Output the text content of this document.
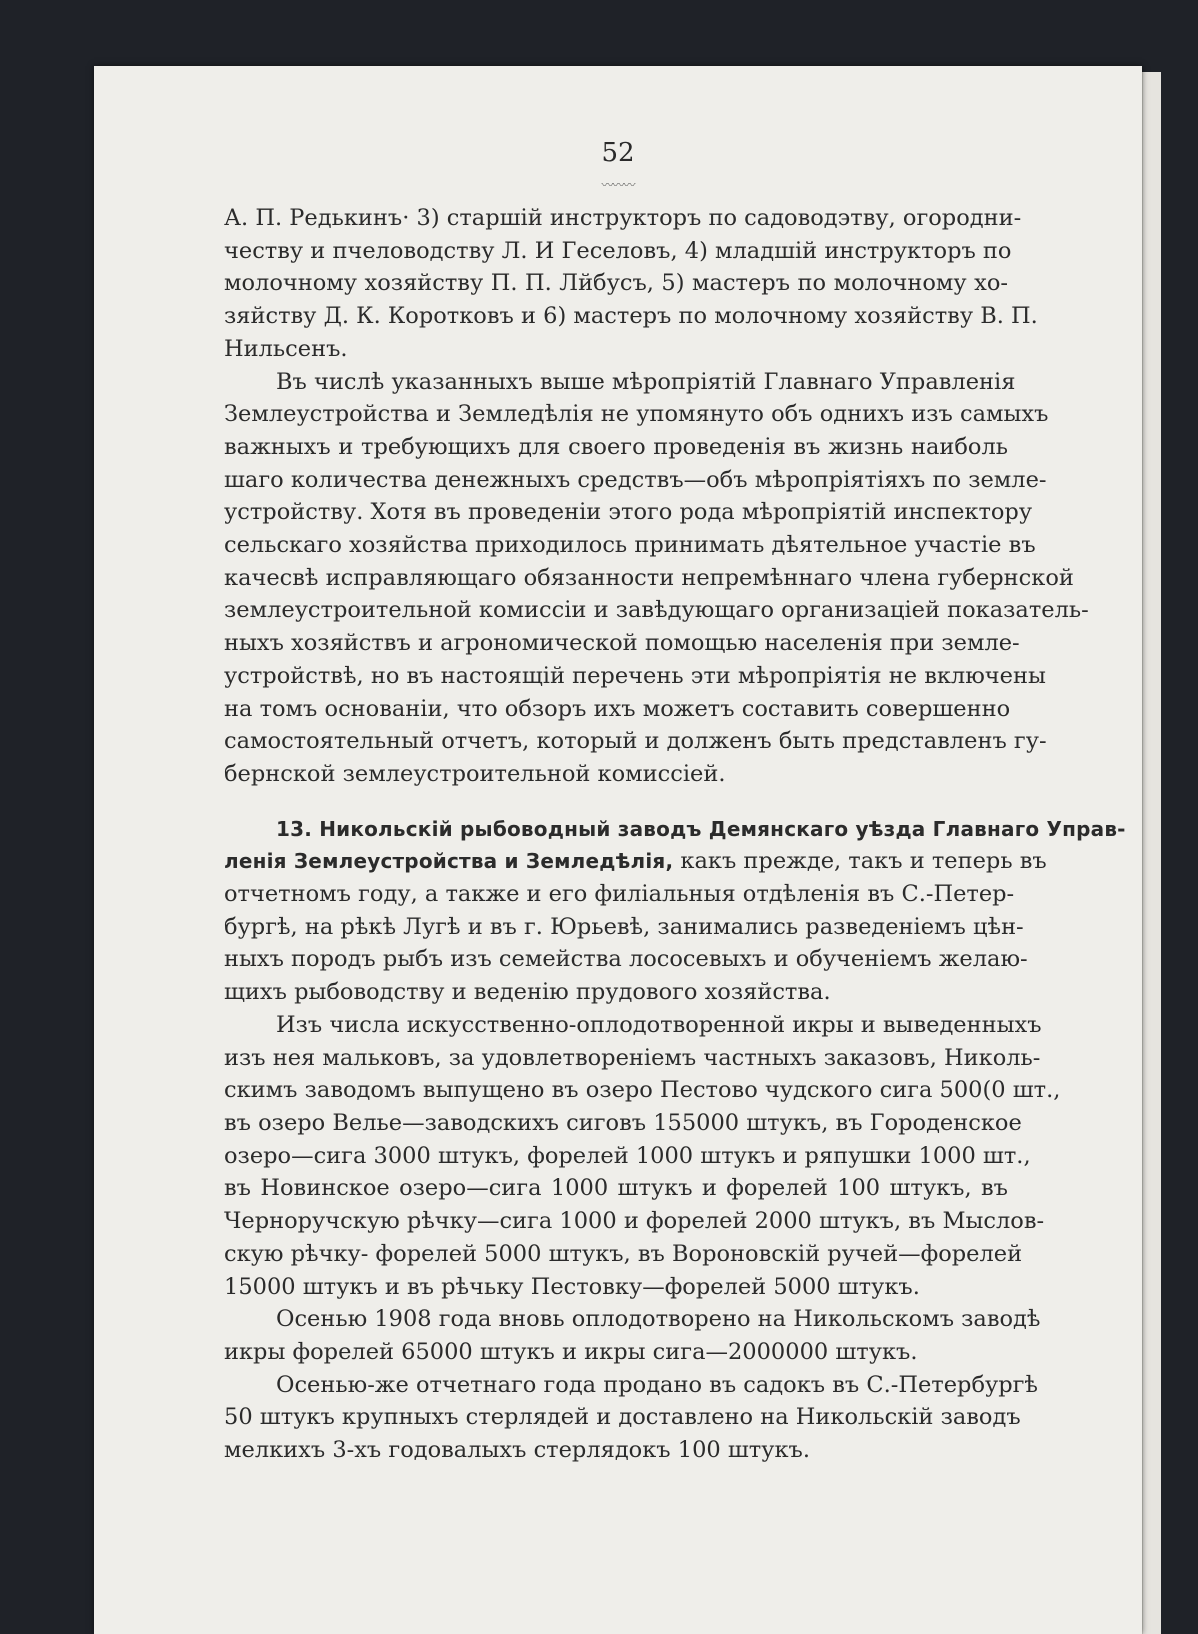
52
〰〰〰
А. П. Редькинъ· 3) старшій инструкторъ по садоводэтву, огородни-
честву и пчеловодству Л. И Геселовъ, 4) младшій инструкторъ по
молочному хозяйству П. П. Лйбусъ, 5) мастеръ по молочному хо-
зяйству Д. К. Коротковъ и 6) мастеръ по молочному хозяйству В. П.
Нильсенъ.
Въ числѣ указанныхъ выше мѣропріятій Главнаго Управленія
Землеустройства и Земледѣлія не упомянуто объ однихъ изъ самыхъ
важныхъ и требующихъ для своего проведенія въ жизнь наиболь
шаго количества денежныхъ средствъ—объ мѣропріятіяхъ по земле-
устройству. Хотя въ проведеніи этого рода мѣропріятій инспектору
сельскаго хозяйства приходилось принимать дѣятельное участіе въ
качесвѣ исправляющаго обязанности непремѣннаго члена губернской
землеустроительной комиссіи и завѣдующаго организаціей показатель-
ныхъ хозяйствъ и агрономической помощью населенія при земле-
устройствѣ, но въ настоящій перечень эти мѣропріятія не включены
на томъ основаніи, что обзоръ ихъ можетъ составить совершенно
самостоятельный отчетъ, который и долженъ быть представленъ гу-
бернской землеустроительной комиссіей.
13. Никольскій рыбоводный заводъ Демянскаго уѣзда Главнаго Управ-
ленія Землеустройства и Земледѣлія, какъ прежде, такъ и теперь въ
отчетномъ году, а также и его филіальныя отдѣленія въ С.-Петер-
бургѣ, на рѣкѣ Лугѣ и въ г. Юрьевѣ, занимались разведеніемъ цѣн-
ныхъ породъ рыбъ изъ семейства лососевыхъ и обученіемъ желаю-
щихъ рыбоводству и веденію прудового хозяйства.
Изъ числа искусственно-оплодотворенной икры и выведенныхъ
изъ нея мальковъ, за удовлетвореніемъ частныхъ заказовъ, Николь-
скимъ заводомъ выпущено въ озеро Пестово чудского сига 500(0 шт.,
въ озеро Велье—заводскихъ сиговъ 155000 штукъ, въ Городенское
озеро—сига 3000 штукъ, форелей 1000 штукъ и ряпушки 1000 шт.,
въ Новинское озеро—сига 1000 штукъ и форелей 100 штукъ, въ
Черноручскую рѣчку—сига 1000 и форелей 2000 штукъ, въ Мыслов-
скую рѣчку- форелей 5000 штукъ, въ Вороновскій ручей—форелей
15000 штукъ и въ рѣчьку Пестовку—форелей 5000 штукъ.
Осенью 1908 года вновь оплодотворено на Никольскомъ заводѣ
икры форелей 65000 штукъ и икры сига—2000000 штукъ.
Осенью-же отчетнаго года продано въ садокъ въ С.-Петербургѣ
50 штукъ крупныхъ стерлядей и доставлено на Никольскій заводъ
мелкихъ 3-хъ годовалыхъ стерлядокъ 100 штукъ.
